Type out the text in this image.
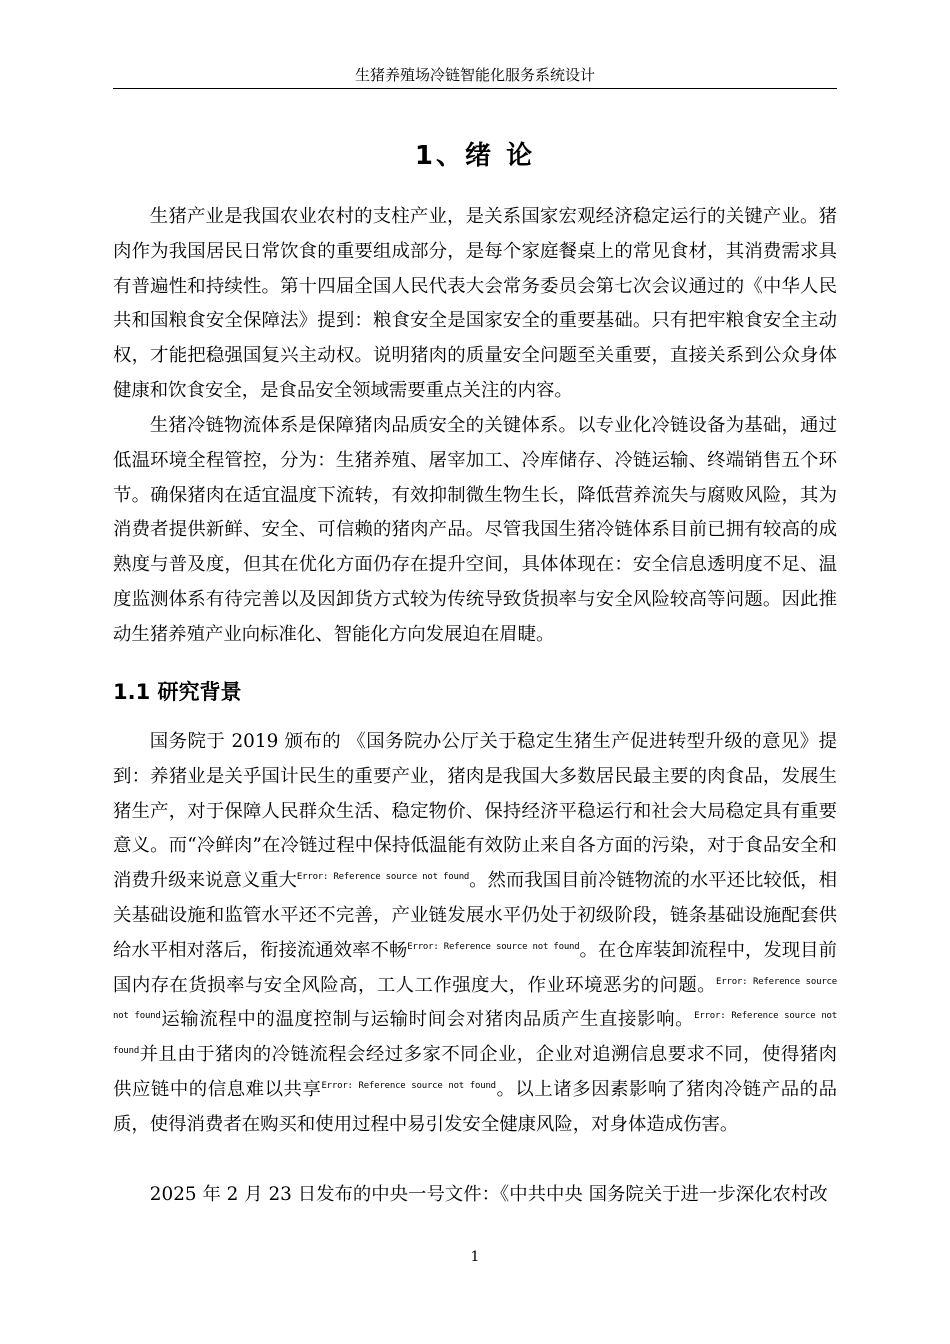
生猪养殖场冷链智能化服务系统设计
1、绪 论

生猪产业是我国农业农村的支柱产业，是关系国家宏观经济稳定运行的关键产业。猪肉作为我国居民日常饮食的重要组成部分，是每个家庭餐桌上的常见食材，其消费需求具有普遍性和持续性。第十四届全国人民代表大会常务委员会第七次会议通过的《中华人民共和国粮食安全保障法》提到：粮食安全是国家安全的重要基础。只有把牢粮食安全主动权，才能把稳强国复兴主动权。说明猪肉的质量安全问题至关重要，直接关系到公众身体健康和饮食安全，是食品安全领域需要重点关注的内容。

生猪冷链物流体系是保障猪肉品质安全的关键体系。以专业化冷链设备为基础，通过低温环境全程管控，分为：生猪养殖、屠宰加工、冷库储存、冷链运输、终端销售五个环节。确保猪肉在适宜温度下流转，有效抑制微生物生长，降低营养流失与腐败风险，其为消费者提供新鲜、安全、可信赖的猪肉产品。尽管我国生猪冷链体系目前已拥有较高的成熟度与普及度，但其在优化方面仍存在提升空间，具体体现在：安全信息透明度不足、温度监测体系有待完善以及因卸货方式较为传统导致货损率与安全风险较高等问题。因此推动生猪养殖产业向标准化、智能化方向发展迫在眉睫。

1.1 研究背景

国务院于 2019 颁布的 《国务院办公厅关于稳定生猪生产促进转型升级的意见》提到：养猪业是关乎国计民生的重要产业，猪肉是我国大多数居民最主要的肉食品，发展生猪生产，对于保障人民群众生活、稳定物价、保持经济平稳运行和社会大局稳定具有重要意义。而“冷鲜肉”在冷链过程中保持低温能有效防止来自各方面的污染，对于食品安全和消费升级来说意义重大$^{Error: Reference source not found}$。然而我国目前冷链物流的水平还比较低，相关基础设施和监管水平还不完善，产业链发展水平仍处于初级阶段，链条基础设施配套供给水平相对落后，衔接流通效率不畅$^{Error: Reference source not found}$。在仓库装卸流程中，发现目前国内存在货损率与安全风险高，工人工作强度大，作业环境恶劣的问题。$^{Error: Reference source not found}$运输流程中的温度控制与运输时间会对猪肉品质产生直接影响。$^{Error: Reference source not found}$并且由于猪肉的冷链流程会经过多家不同企业，企业对追溯信息要求不同，使得猪肉供应链中的信息难以共享$^{Error: Reference source not found}$。以上诸多因素影响了猪肉冷链产品的品质，使得消费者在购买和使用过程中易引发安全健康风险，对身体造成伤害。

2025 年 2 月 23 日发布的中央一号文件：《中共中央 国务院关于进一步深化农村改

1
